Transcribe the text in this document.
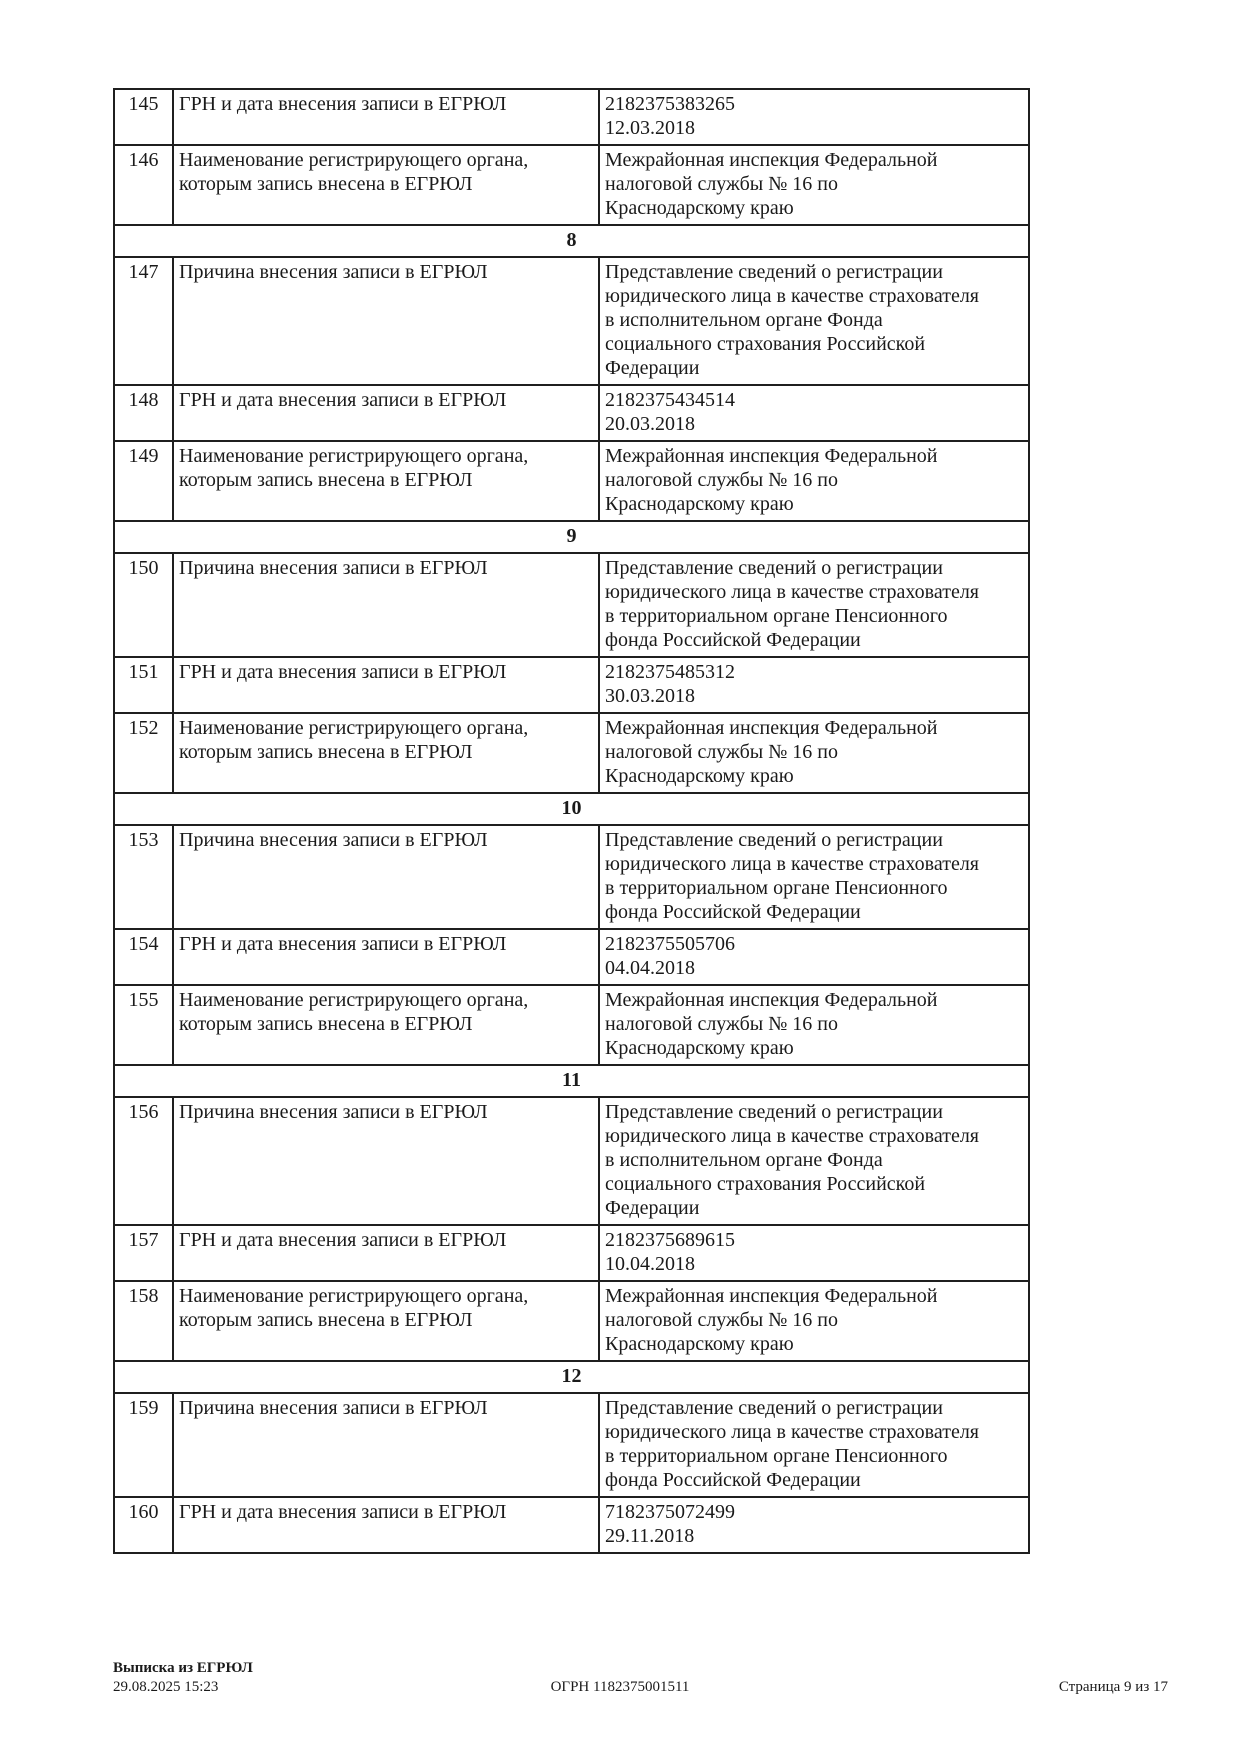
145	ГРН и дата внесения записи в ЕГРЮЛ	2182375383265
12.03.2018

146	Наименование регистрирующего органа, которым запись внесена в ЕГРЮЛ	Межрайонная инспекция Федеральной
налоговой службы № 16 по
Краснодарскому краю

8		
147	Причина внесения записи в ЕГРЮЛ	Представление сведений о регистрации
юридического лица в качестве страхователя
в исполнительном органе Фонда
социального страхования Российской
Федерации

148	ГРН и дата внесения записи в ЕГРЮЛ	2182375434514
20.03.2018

149	Наименование регистрирующего органа, которым запись внесена в ЕГРЮЛ	Межрайонная инспекция Федеральной
налоговой службы № 16 по
Краснодарскому краю

9		
150	Причина внесения записи в ЕГРЮЛ	Представление сведений о регистрации
юридического лица в качестве страхователя
в территориальном органе Пенсионного
фонда Российской Федерации

151	ГРН и дата внесения записи в ЕГРЮЛ	2182375485312
30.03.2018

152	Наименование регистрирующего органа, которым запись внесена в ЕГРЮЛ	Межрайонная инспекция Федеральной
налоговой службы № 16 по
Краснодарскому краю

10		
153	Причина внесения записи в ЕГРЮЛ	Представление сведений о регистрации
юридического лица в качестве страхователя
в территориальном органе Пенсионного
фонда Российской Федерации

154	ГРН и дата внесения записи в ЕГРЮЛ	2182375505706
04.04.2018

155	Наименование регистрирующего органа, которым запись внесена в ЕГРЮЛ	Межрайонная инспекция Федеральной
налоговой службы № 16 по
Краснодарскому краю

11		
156	Причина внесения записи в ЕГРЮЛ	Представление сведений о регистрации
юридического лица в качестве страхователя
в исполнительном органе Фонда
социального страхования Российской
Федерации

157	ГРН и дата внесения записи в ЕГРЮЛ	2182375689615
10.04.2018

158	Наименование регистрирующего органа, которым запись внесена в ЕГРЮЛ	Межрайонная инспекция Федеральной
налоговой службы № 16 по
Краснодарскому краю

12		
159	Причина внесения записи в ЕГРЮЛ	Представление сведений о регистрации
юридического лица в качестве страхователя
в территориальном органе Пенсионного
фонда Российской Федерации

160	ГРН и дата внесения записи в ЕГРЮЛ	7182375072499
29.11.2018
Выписка из ЕГРЮЛ
29.08.2025 15:23	ОГРН 1182375001511	Страница 9 из 17
